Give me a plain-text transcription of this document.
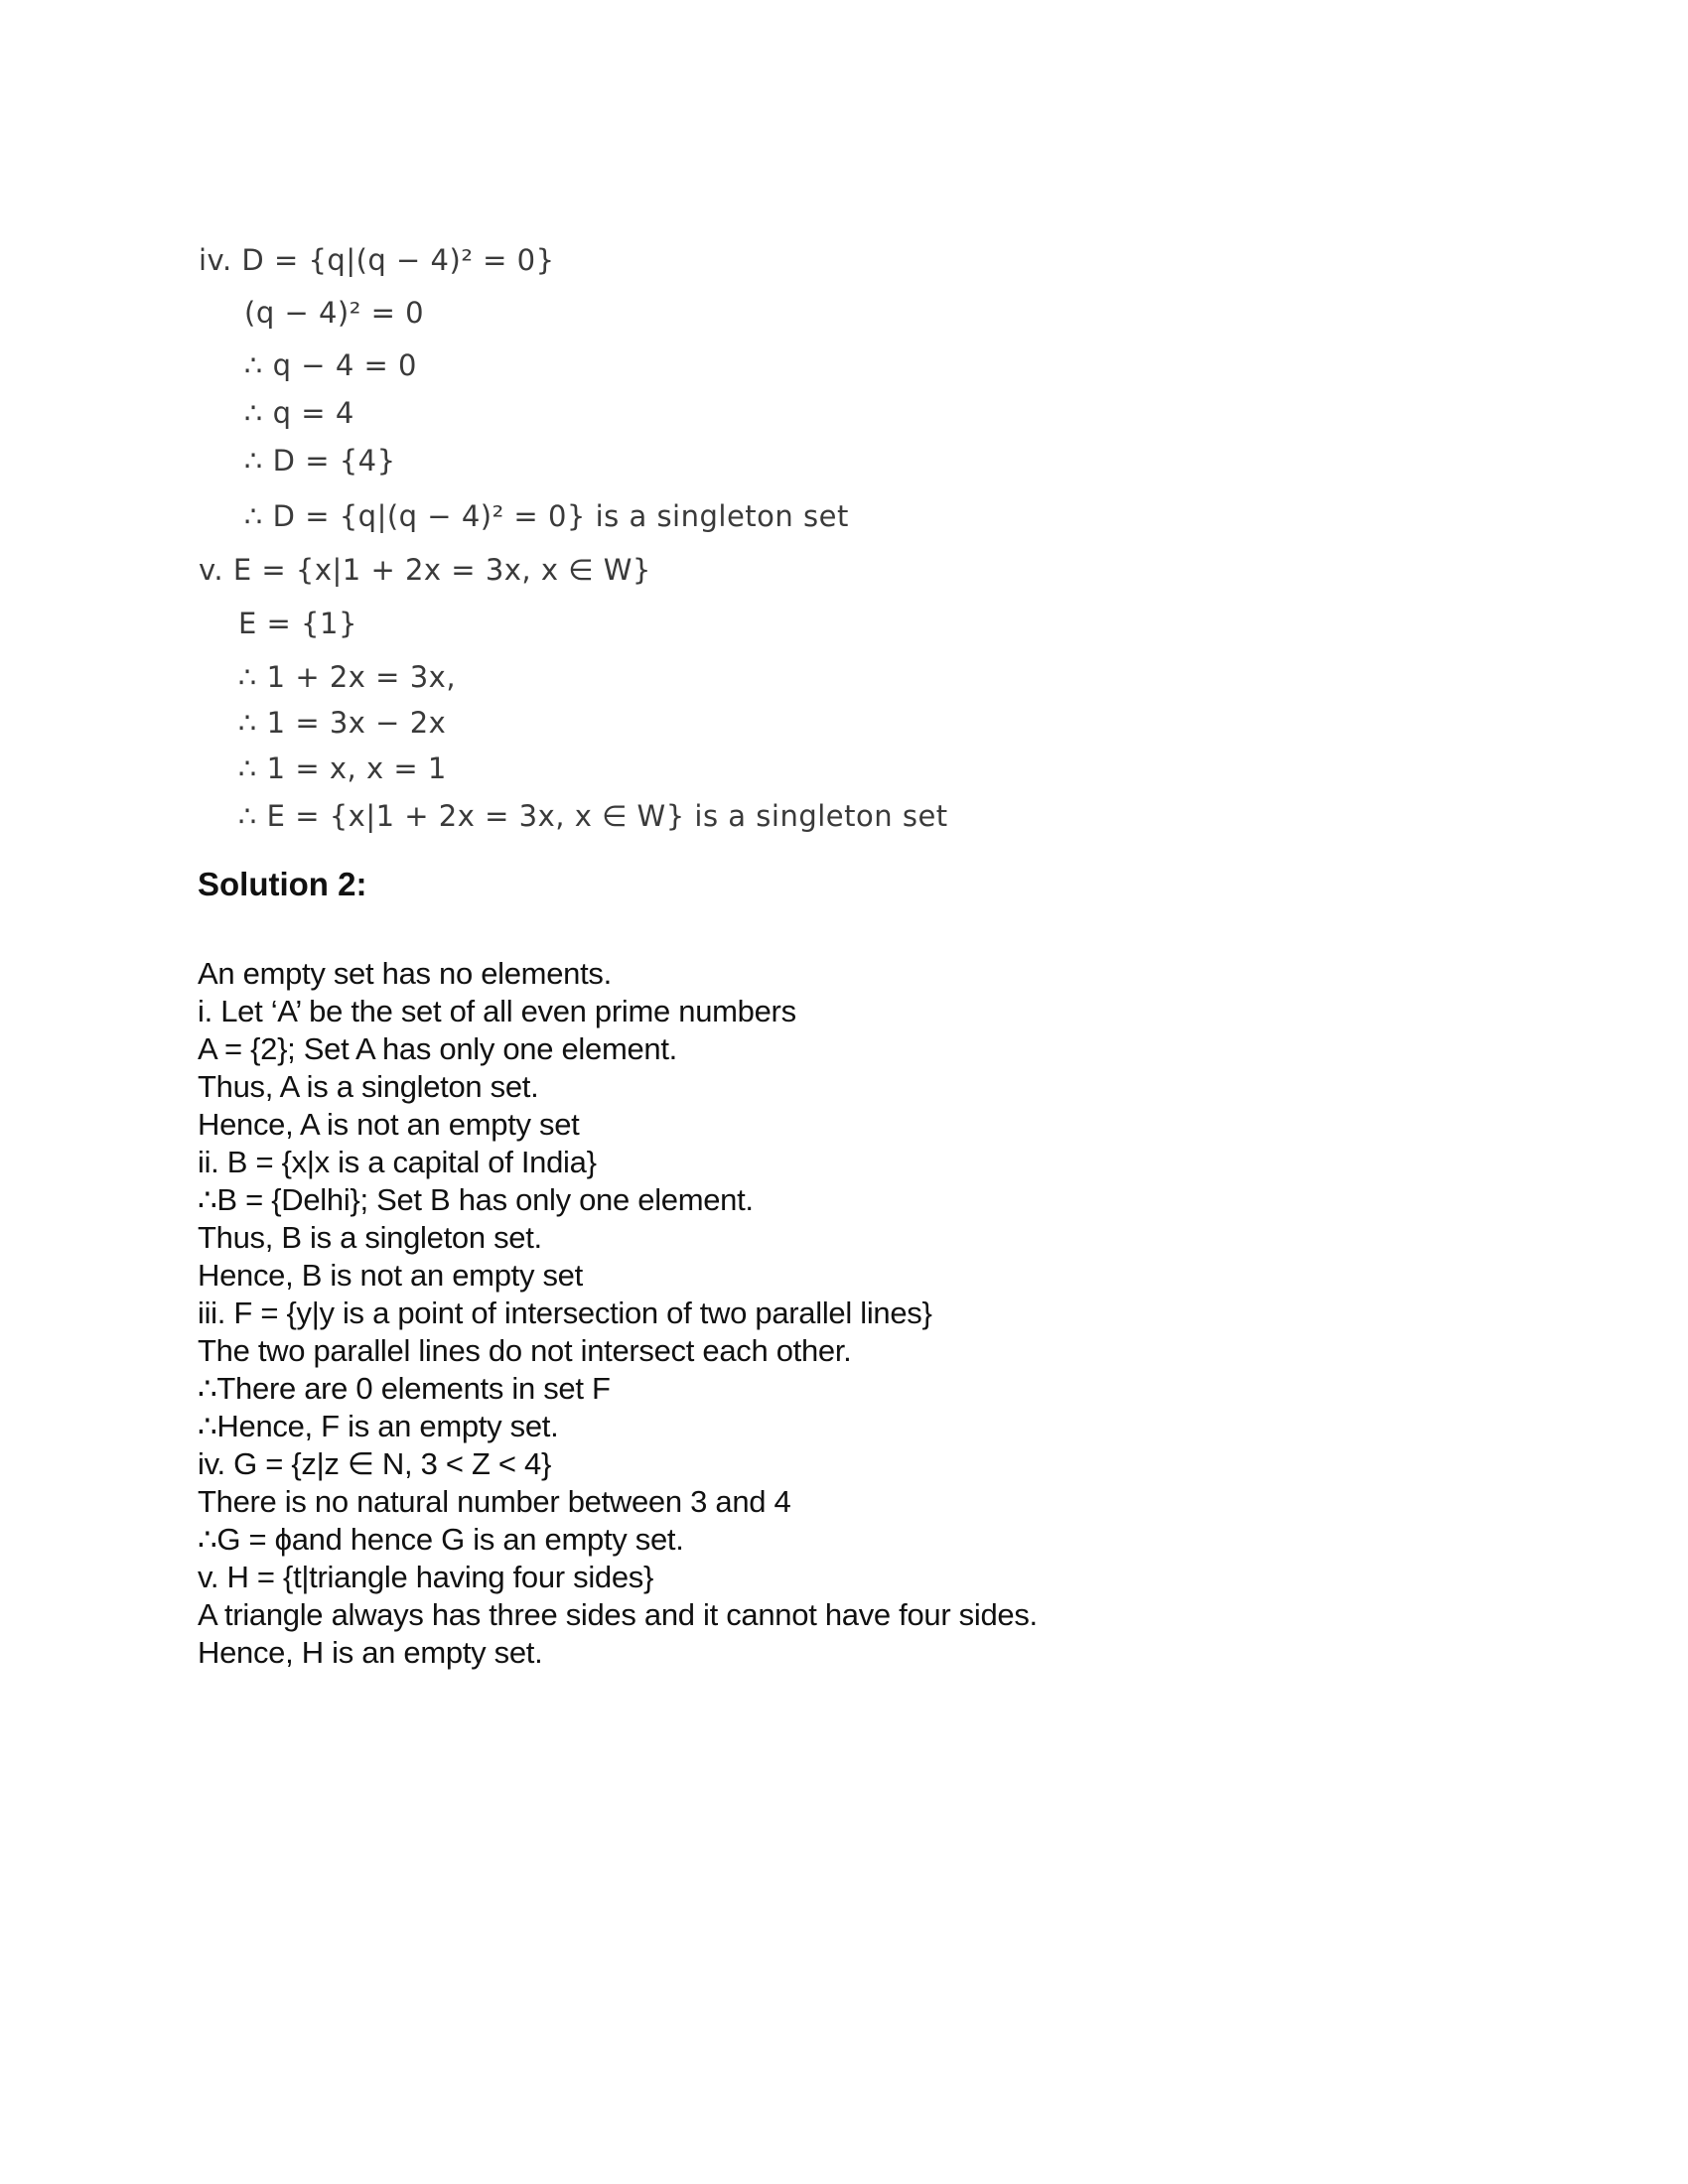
iv. D = {q|(q − 4)² = 0}
(q − 4)² = 0
∴ q − 4 = 0
∴ q = 4
∴ D = {4}
∴ D = {q|(q − 4)² = 0} is a singleton set
v. E = {x|1 + 2x = 3x, x ∈ W}
E = {1}
∴ 1 + 2x = 3x,
∴ 1 = 3x − 2x
∴ 1 = x, x = 1
∴ E = {x|1 + 2x = 3x, x ∈ W} is a singleton set
Solution 2:
An empty set has no elements.
i. Let ‘A’ be the set of all even prime numbers
A = {2}; Set A has only one element.
Thus, A is a singleton set.
Hence, A is not an empty set
ii. B = {x|x is a capital of India}
∴B = {Delhi}; Set B has only one element.
Thus, B is a singleton set.
Hence, B is not an empty set
iii. F = {y|y is a point of intersection of two parallel lines}
The two parallel lines do not intersect each other.
∴There are 0 elements in set F
∴Hence, F is an empty set.
iv. G = {z|z ∈ N, 3 < Z < 4}
There is no natural number between 3 and 4
∴G = ϕand hence G is an empty set.
v. H = {t|triangle having four sides}
A triangle always has three sides and it cannot have four sides.
Hence, H is an empty set.
